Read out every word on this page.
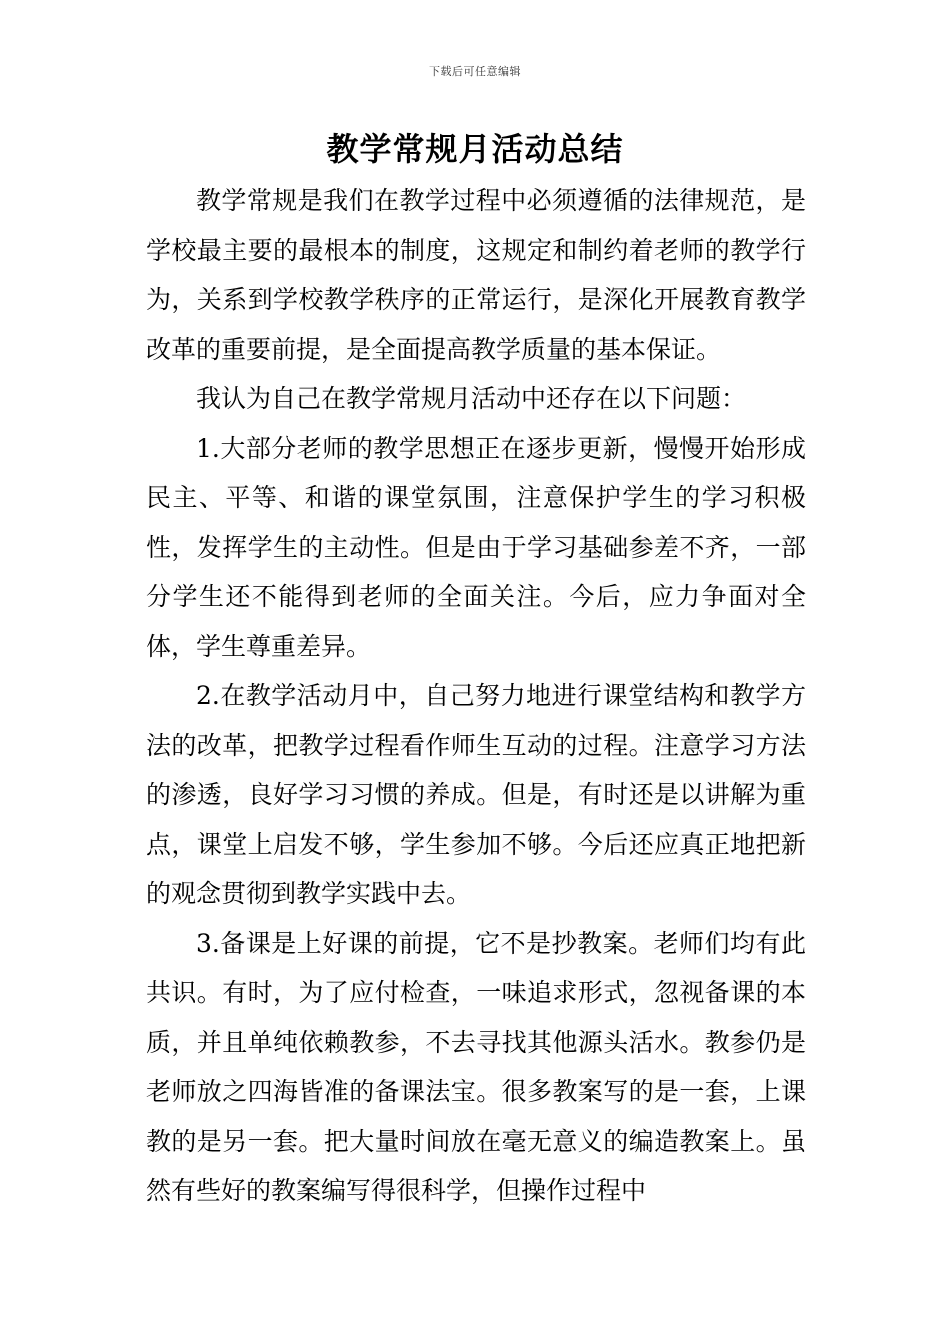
下载后可任意编辑
教学常规月活动总结

教学常规是我们在教学过程中必须遵循的法律规范，是学校最主要的最根本的制度，这规定和制约着老师的教学行为，关系到学校教学秩序的正常运行，是深化开展教育教学改革的重要前提，是全面提高教学质量的基本保证。

我认为自己在教学常规月活动中还存在以下问题：

1.大部分老师的教学思想正在逐步更新，慢慢开始形成民主、平等、和谐的课堂氛围，注意保护学生的学习积极性，发挥学生的主动性。但是由于学习基础参差不齐，一部分学生还不能得到老师的全面关注。今后，应力争面对全体，学生尊重差异。

2.在教学活动月中，自己努力地进行课堂结构和教学方法的改革，把教学过程看作师生互动的过程。注意学习方法的渗透，良好学习习惯的养成。但是，有时还是以讲解为重点，课堂上启发不够，学生参加不够。今后还应真正地把新的观念贯彻到教学实践中去。

3.备课是上好课的前提，它不是抄教案。老师们均有此共识。有时，为了应付检查，一味追求形式，忽视备课的本质，并且单纯依赖教参，不去寻找其他源头活水。教参仍是老师放之四海皆准的备课法宝。很多教案写的是一套，上课教的是另一套。把大量时间放在毫无意义的编造教案上。虽然有些好的教案编写得很科学，但操作过程中
